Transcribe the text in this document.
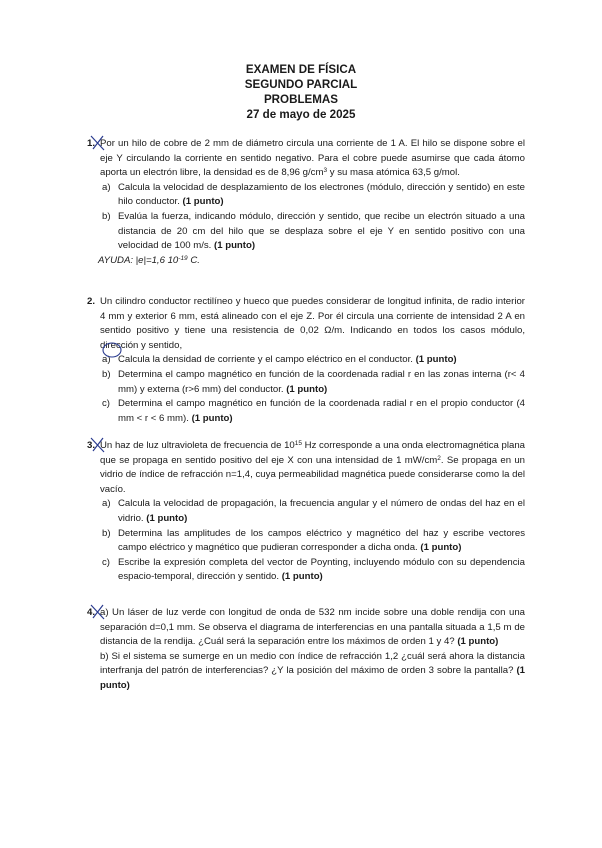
EXAMEN DE FÍSICA
SEGUNDO PARCIAL
PROBLEMAS
27 de mayo de 2025
1. Por un hilo de cobre de 2 mm de diámetro circula una corriente de 1 A. El hilo se dispone sobre el eje Y circulando la corriente en sentido negativo. Para el cobre puede asumirse que cada átomo aporta un electrón libre, la densidad es de 8,96 $g/cm^3$ y su masa atómica 63,5 g/mol.
a) Calcula la velocidad de desplazamiento de los electrones (módulo, dirección y sentido) en este hilo conductor. (1 punto)
b) Evalúa la fuerza, indicando módulo, dirección y sentido, que recibe un electrón situado a una distancia de 20 cm del hilo que se desplaza sobre el eje Y en sentido positivo con una velocidad de 100 m/s. (1 punto)
AYUDA: |e|=1,6 $10^{-19}$ C.
2. Un cilindro conductor rectilíneo y hueco que puedes considerar de longitud infinita, de radio interior 4 mm y exterior 6 mm, está alineado con el eje Z. Por él circula una corriente de intensidad 2 A en sentido positivo y tiene una resistencia de 0,02 Ω/m. Indicando en todos los casos módulo, dirección y sentido,
a) Calcula la densidad de corriente y el campo eléctrico en el conductor. (1 punto)
b) Determina el campo magnético en función de la coordenada radial r en las zonas interna (r< 4 mm) y externa (r>6 mm) del conductor. (1 punto)
c) Determina el campo magnético en función de la coordenada radial r en el propio conductor (4 mm < r < 6 mm). (1 punto)
3. Un haz de luz ultravioleta de frecuencia de $10^{15}$ Hz corresponde a una onda electromagnética plana que se propaga en sentido positivo del eje X con una intensidad de 1 $mW/cm^2$. Se propaga en un vidrio de índice de refracción n=1,4, cuya permeabilidad magnética puede considerarse como la del vacío.
a) Calcula la velocidad de propagación, la frecuencia angular y el número de ondas del haz en el vidrio. (1 punto)
b) Determina las amplitudes de los campos eléctrico y magnético del haz y escribe vectores campo eléctrico y magnético que pudieran corresponder a dicha onda. (1 punto)
c) Escribe la expresión completa del vector de Poynting, incluyendo módulo con su dependencia espacio-temporal, dirección y sentido. (1 punto)
4. a) Un láser de luz verde con longitud de onda de 532 nm incide sobre una doble rendija con una separación d=0,1 mm. Se observa el diagrama de interferencias en una pantalla situada a 1,5 m de distancia de la rendija. ¿Cuál será la separación entre los máximos de orden 1 y 4? (1 punto)
b) Si el sistema se sumerge en un medio con índice de refracción 1,2 ¿cuál será ahora la distancia interfranja del patrón de interferencias? ¿Y la posición del máximo de orden 3 sobre la pantalla? (1 punto)
